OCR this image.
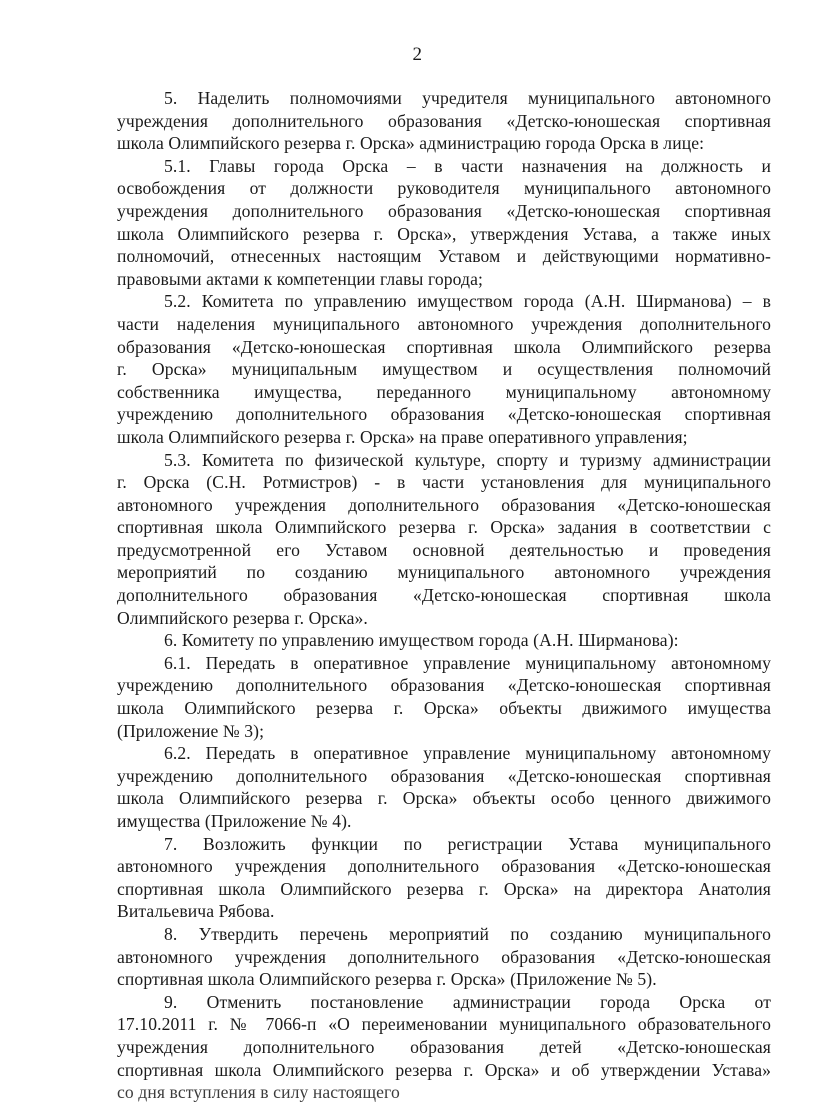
2
5. Наделить полномочиями учредителя муниципального автономного
учреждения дополнительного образования «Детско-юношеская спортивная
школа Олимпийского резерва г. Орска» администрацию города Орска в лице:
5.1. Главы города Орска – в части назначения на должность и
освобождения от должности руководителя муниципального автономного
учреждения дополнительного образования «Детско-юношеская спортивная
школа Олимпийского резерва г. Орска», утверждения Устава, а также иных
полномочий, отнесенных настоящим Уставом и действующими нормативно-
правовыми актами к компетенции главы города;
5.2. Комитета по управлению имуществом города (А.Н. Ширманова) – в
части наделения муниципального автономного учреждения дополнительного
образования «Детско-юношеская спортивная школа Олимпийского резерва
г. Орска» муниципальным имуществом и осуществления полномочий
собственника имущества, переданного муниципальному автономному
учреждению дополнительного образования «Детско-юношеская спортивная
школа Олимпийского резерва г. Орска» на праве оперативного управления;
5.3. Комитета по физической культуре, спорту и туризму администрации
г. Орска (С.Н. Ротмистров) - в части установления для муниципального
автономного учреждения дополнительного образования «Детско-юношеская
спортивная школа Олимпийского резерва г. Орска» задания в соответствии с
предусмотренной его Уставом основной деятельностью и проведения
мероприятий по созданию муниципального автономного учреждения
дополнительного образования «Детско-юношеская спортивная школа
Олимпийского резерва г. Орска».
6. Комитету по управлению имуществом города (А.Н. Ширманова):
6.1. Передать в оперативное управление муниципальному автономному
учреждению дополнительного образования «Детско-юношеская спортивная
школа Олимпийского резерва г. Орска» объекты движимого имущества
(Приложение № 3);
6.2. Передать в оперативное управление муниципальному автономному
учреждению дополнительного образования «Детско-юношеская спортивная
школа Олимпийского резерва г. Орска» объекты особо ценного движимого
имущества (Приложение № 4).
7. Возложить функции по регистрации Устава муниципального
автономного учреждения дополнительного образования «Детско-юношеская
спортивная школа Олимпийского резерва г. Орска» на директора Анатолия
Витальевича Рябова.
8. Утвердить перечень мероприятий по созданию муниципального
автономного учреждения дополнительного образования «Детско-юношеская
спортивная школа Олимпийского резерва г. Орска» (Приложение № 5).
9. Отменить постановление администрации города Орска от
17.10.2011 г. № 7066-п «О переименовании муниципального образовательного
учреждения дополнительного образования детей «Детско-юношеская
спортивная школа Олимпийского резерва г. Орска» и об утверждении Устава»
со дня вступления в силу настоящего
